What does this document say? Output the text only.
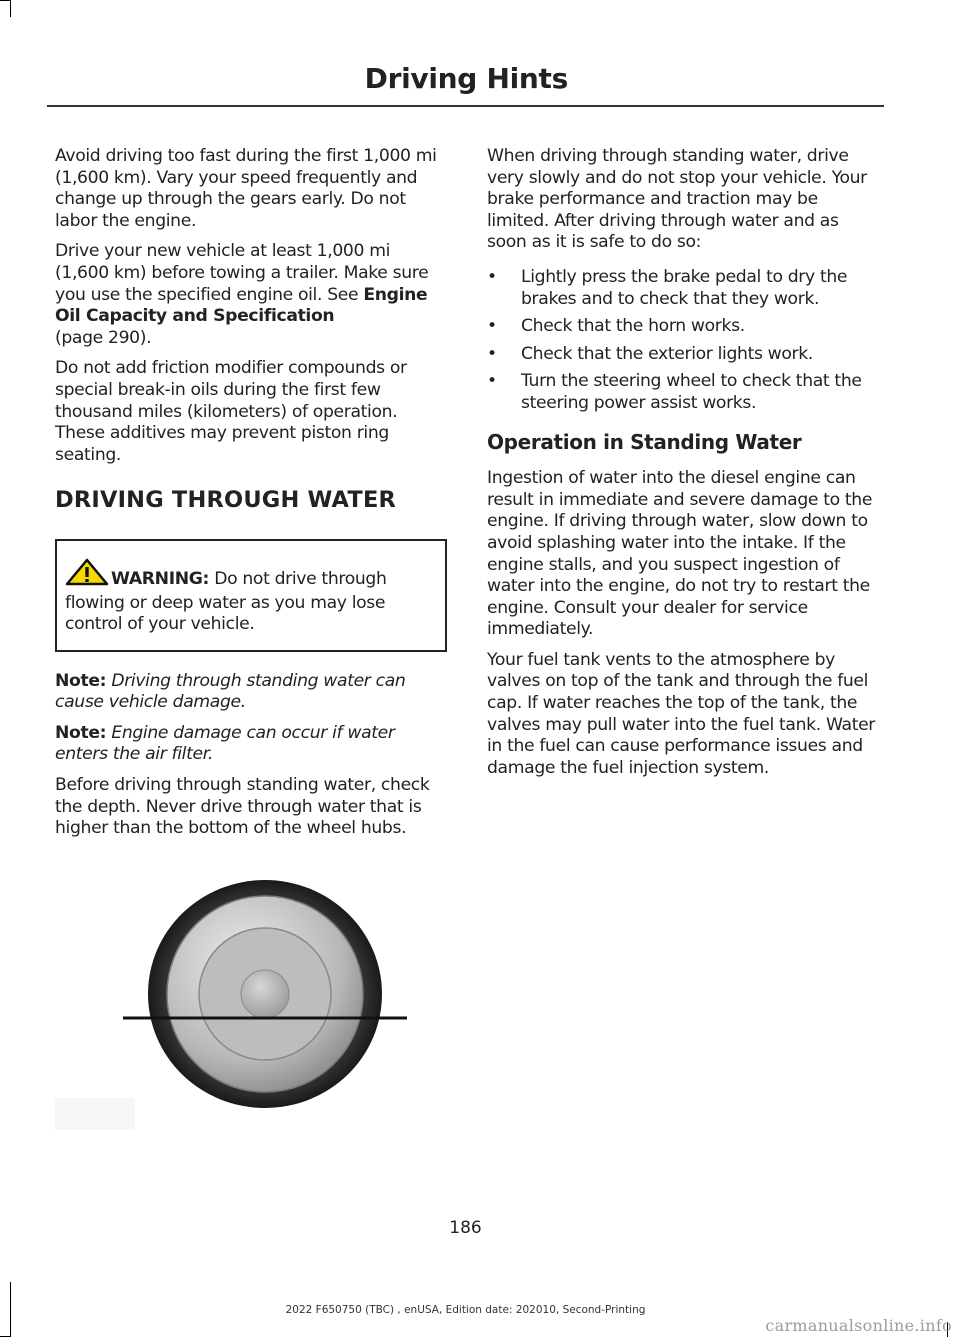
Driving Hints

Avoid driving too fast during the first 1,000 mi (1,600 km). Vary your speed frequently and change up through the gears early. Do not labor the engine.

Drive your new vehicle at least 1,000 mi (1,600 km) before towing a trailer. Make sure you use the specified engine oil. See Engine Oil Capacity and Specification
(page 290).

Do not add friction modifier compounds or special break-in oils during the first few thousand miles (kilometers) of operation. These additives may prevent piston ring seating.

DRIVING THROUGH WATER
WARNING: Do not drive through flowing or deep water as you may lose control of your vehicle.

Note: Driving through standing water can cause vehicle damage.

Note: Engine damage can occur if water enters the air filter.

Before driving through standing water, check the depth. Never drive through water that is higher than the bottom of the wheel hubs.

When driving through standing water, drive very slowly and do not stop your vehicle. Your brake performance and traction may be limited. After driving through water and as soon as it is safe to do so:

•	Lightly press the brake pedal to dry the brakes and to check that they work.
•	Check that the horn works.
•	Check that the exterior lights work.
•	Turn the steering wheel to check that the steering power assist works.
Operation in Standing Water

Ingestion of water into the diesel engine can result in immediate and severe damage to the engine. If driving through water, slow down to avoid splashing water into the intake. If the engine stalls, and you suspect ingestion of water into the engine, do not try to restart the engine. Consult your dealer for service immediately.

Your fuel tank vents to the atmosphere by valves on top of the tank and through the fuel cap. If water reaches the top of the tank, the valves may pull water into the fuel tank. Water in the fuel can cause performance issues and damage the fuel injection system.

186
2022 F650750 (TBC) , enUSA, Edition date: 202010, Second-Printing
carmanualsonline.info
